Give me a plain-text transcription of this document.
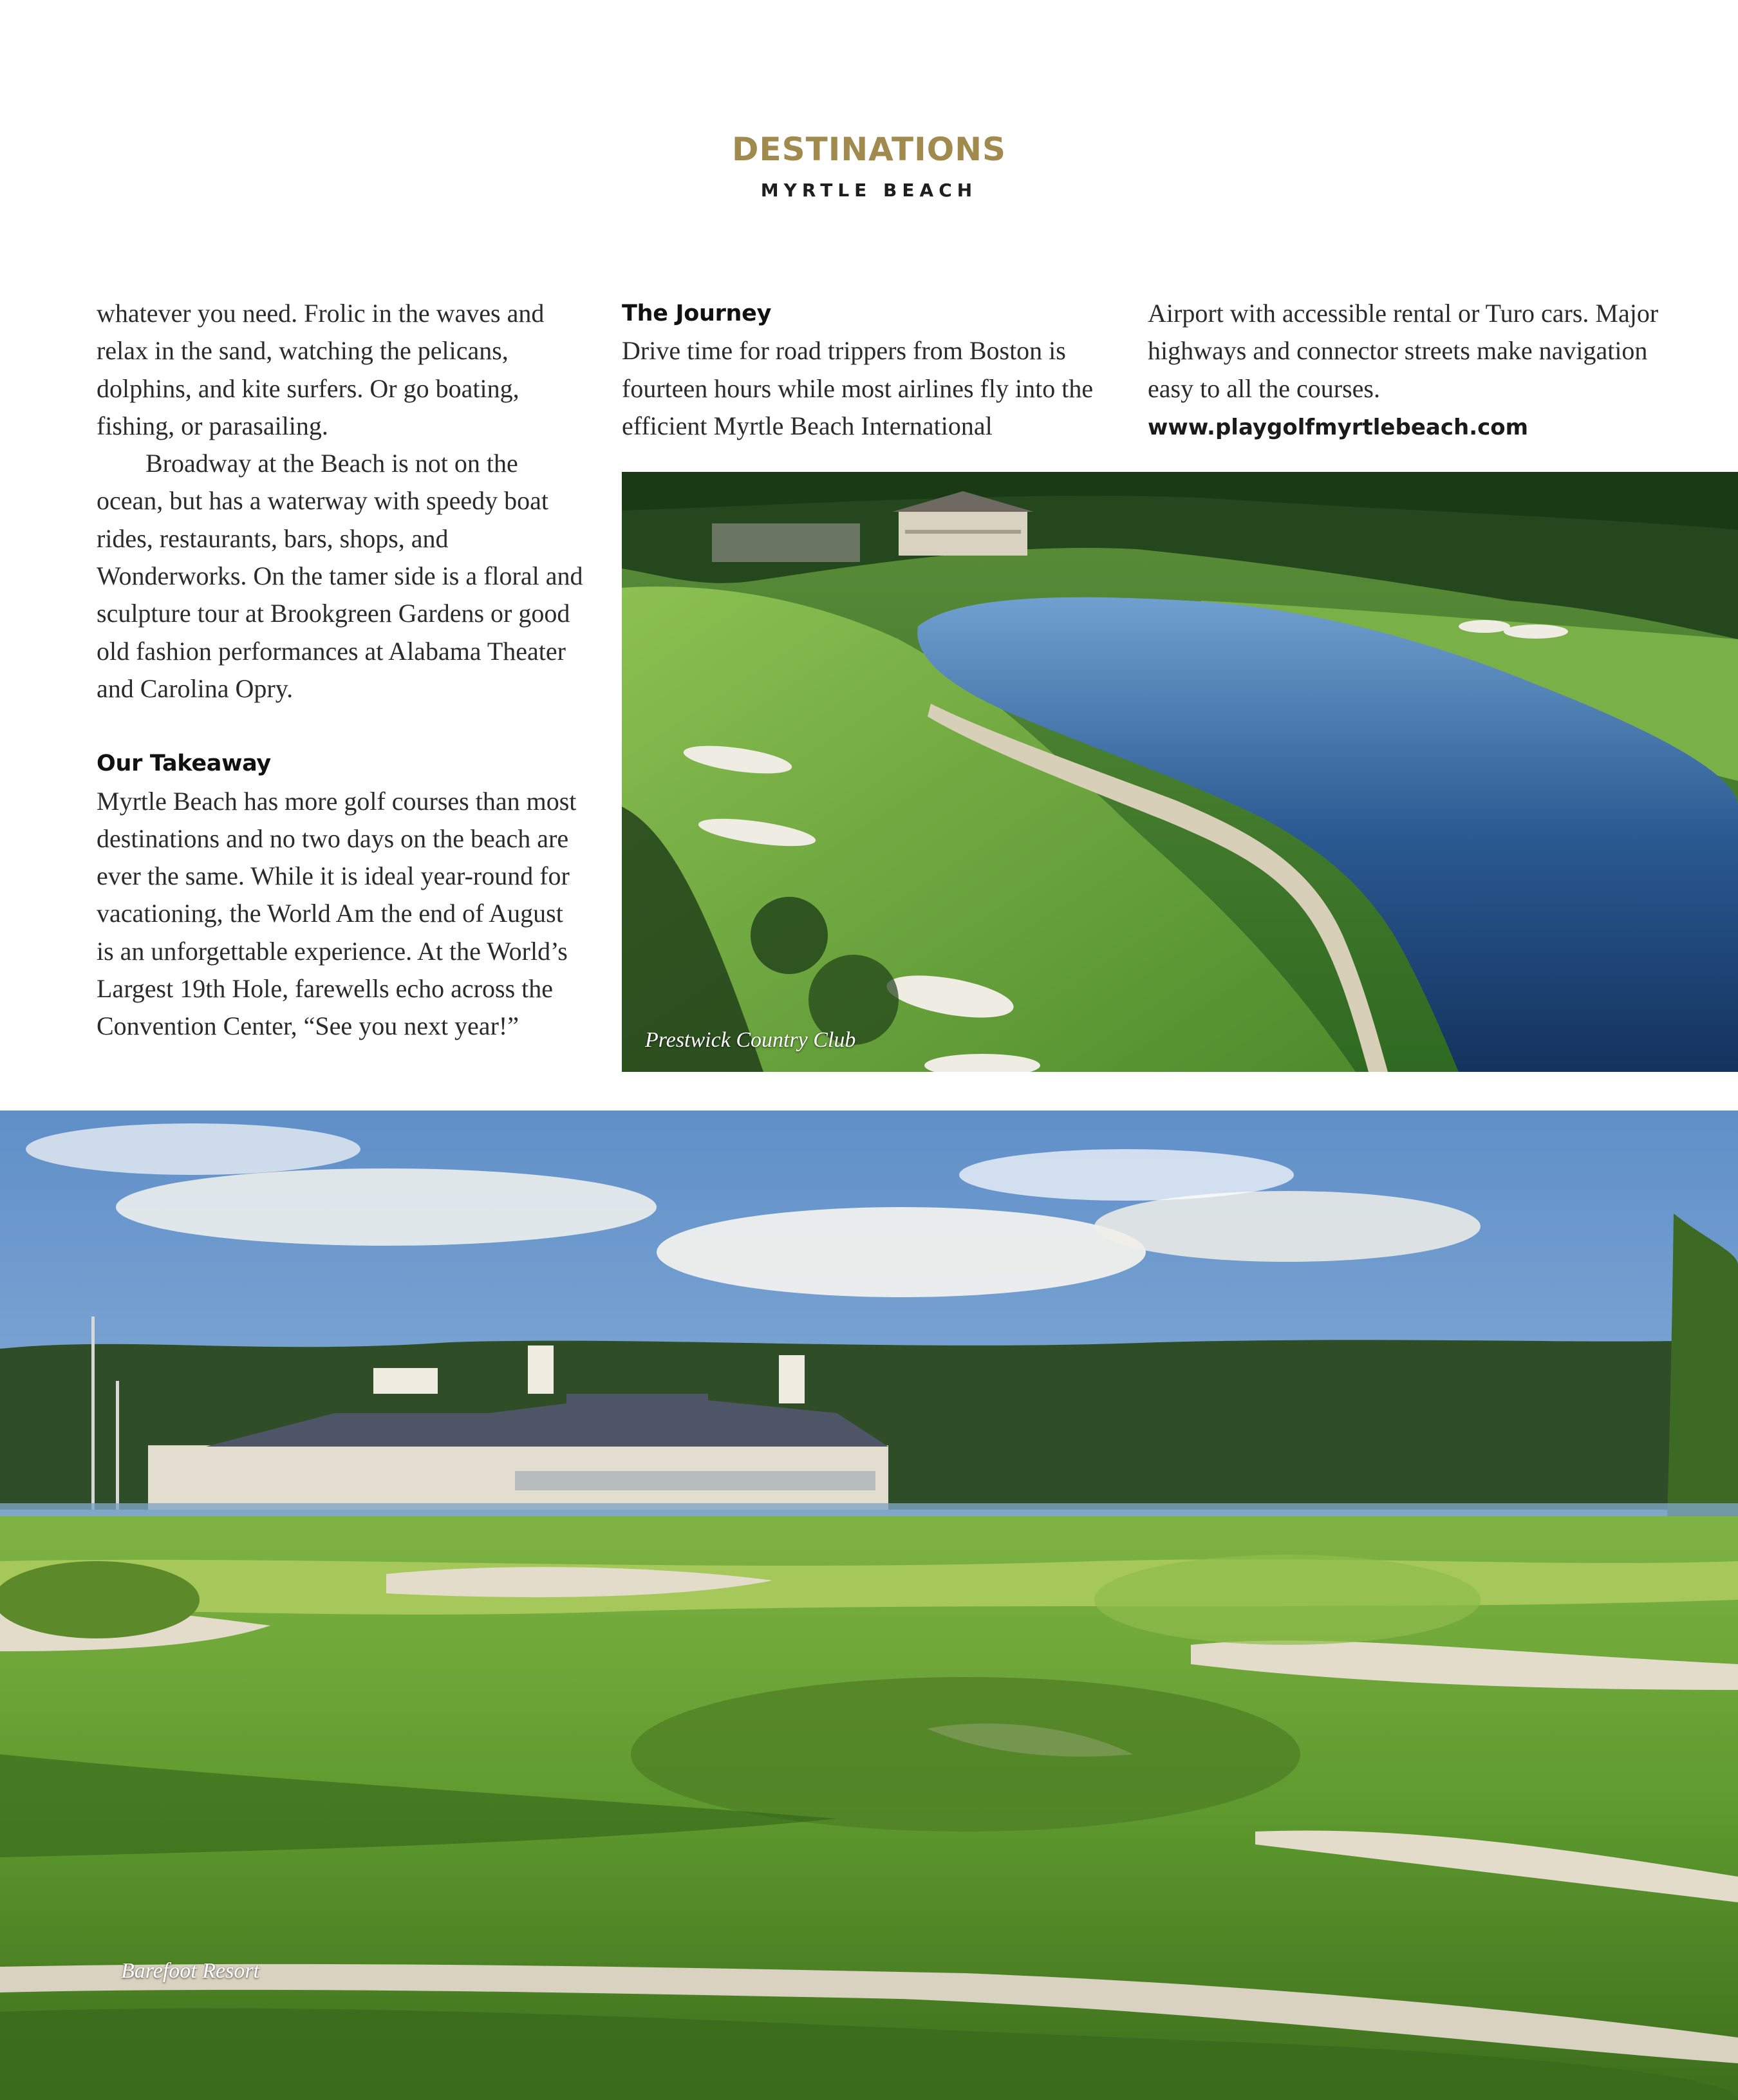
DESTINATIONS
MYRTLE BEACH

whatever you need. Frolic in the waves and relax in the sand, watching the pelicans, dolphins, and kite surfers. Or go boating, fishing, or parasailing.

Broadway at the Beach is not on the ocean, but has a waterway with speedy boat rides, restaurants, bars, shops, and Wonderworks. On the tamer side is a floral and sculpture tour at Brookgreen Gardens or good old fashion performances at Alabama Theater and Carolina Opry.

Our Takeaway

Myrtle Beach has more golf courses than most destinations and no two days on the beach are ever the same. While it is ideal year-round for vacationing, the World Am the end of August is an unforgettable experience. At the World’s Largest 19th Hole, farewells echo across the Convention Center, “See you next year!”

The Journey

Drive time for road trippers from Boston is fourteen hours while most airlines fly into the efficient Myrtle Beach International

Airport with accessible rental or Turo cars. Major highways and connector streets make navigation easy to all the courses.

www.playgolfmyrtlebeach.com
Prestwick Country Club
Barefoot Resort
